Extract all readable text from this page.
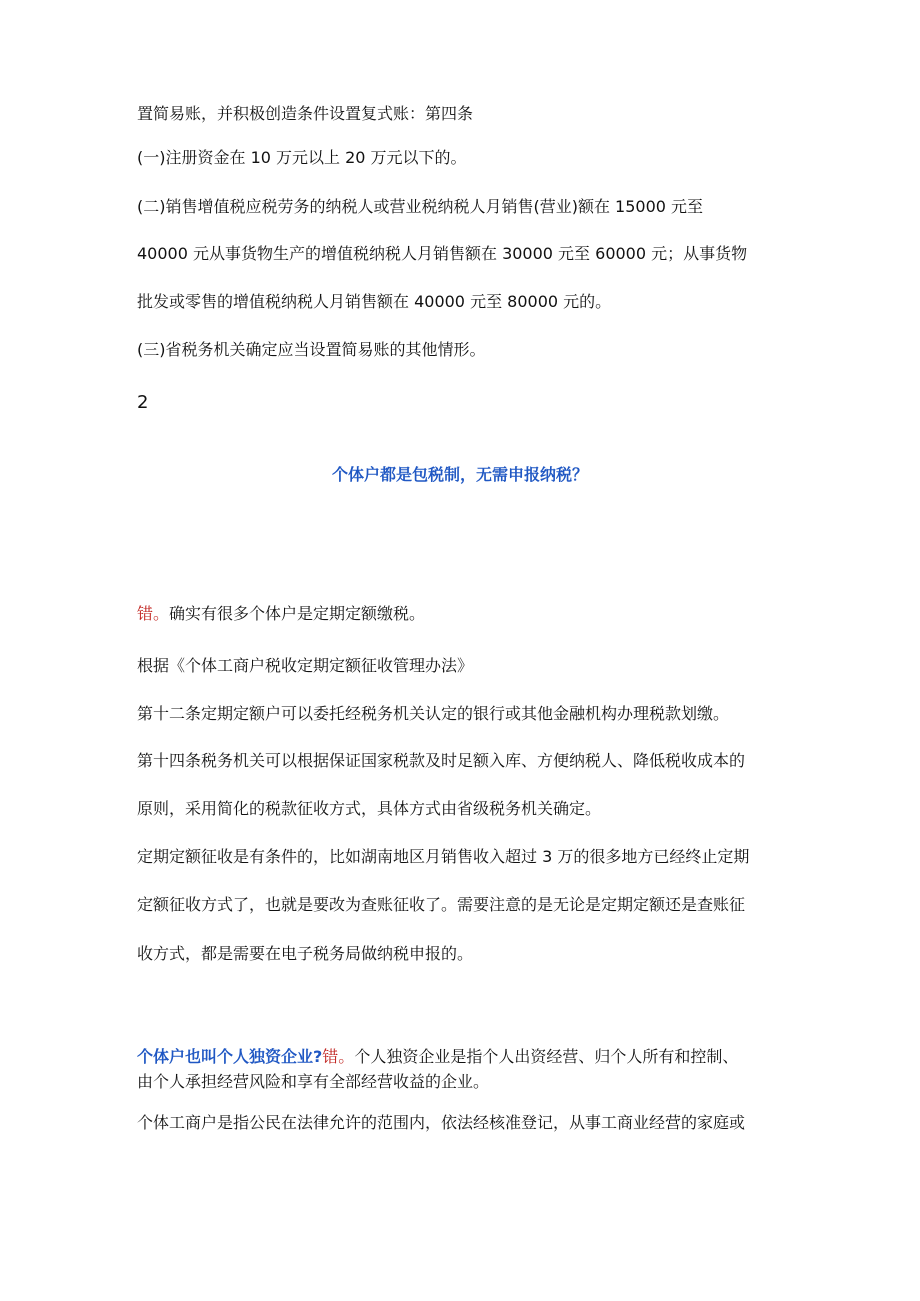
置简易账，并积极创造条件设置复式账：第四条
(一)注册资金在 10 万元以上 20 万元以下的。
(二)销售增值税应税劳务的纳税人或营业税纳税人月销售(营业)额在 15000 元至
40000 元从事货物生产的增值税纳税人月销售额在 30000 元至 60000 元；从事货物
批发或零售的增值税纳税人月销售额在 40000 元至 80000 元的。
(三)省税务机关确定应当设置简易账的其他情形。
2
个体户都是包税制，无需申报纳税？
错。确实有很多个体户是定期定额缴税。
根据《个体工商户税收定期定额征收管理办法》
第十二条定期定额户可以委托经税务机关认定的银行或其他金融机构办理税款划缴。
第十四条税务机关可以根据保证国家税款及时足额入库、方便纳税人、降低税收成本的
原则，采用简化的税款征收方式，具体方式由省级税务机关确定。
定期定额征收是有条件的，比如湖南地区月销售收入超过 3 万的很多地方已经终止定期
定额征收方式了，也就是要改为查账征收了。需要注意的是无论是定期定额还是查账征
收方式，都是需要在电子税务局做纳税申报的。
个体户也叫个人独资企业?错。个人独资企业是指个人出资经营、归个人所有和控制、
由个人承担经营风险和享有全部经营收益的企业。
个体工商户是指公民在法律允许的范围内，依法经核准登记，从事工商业经营的家庭或
